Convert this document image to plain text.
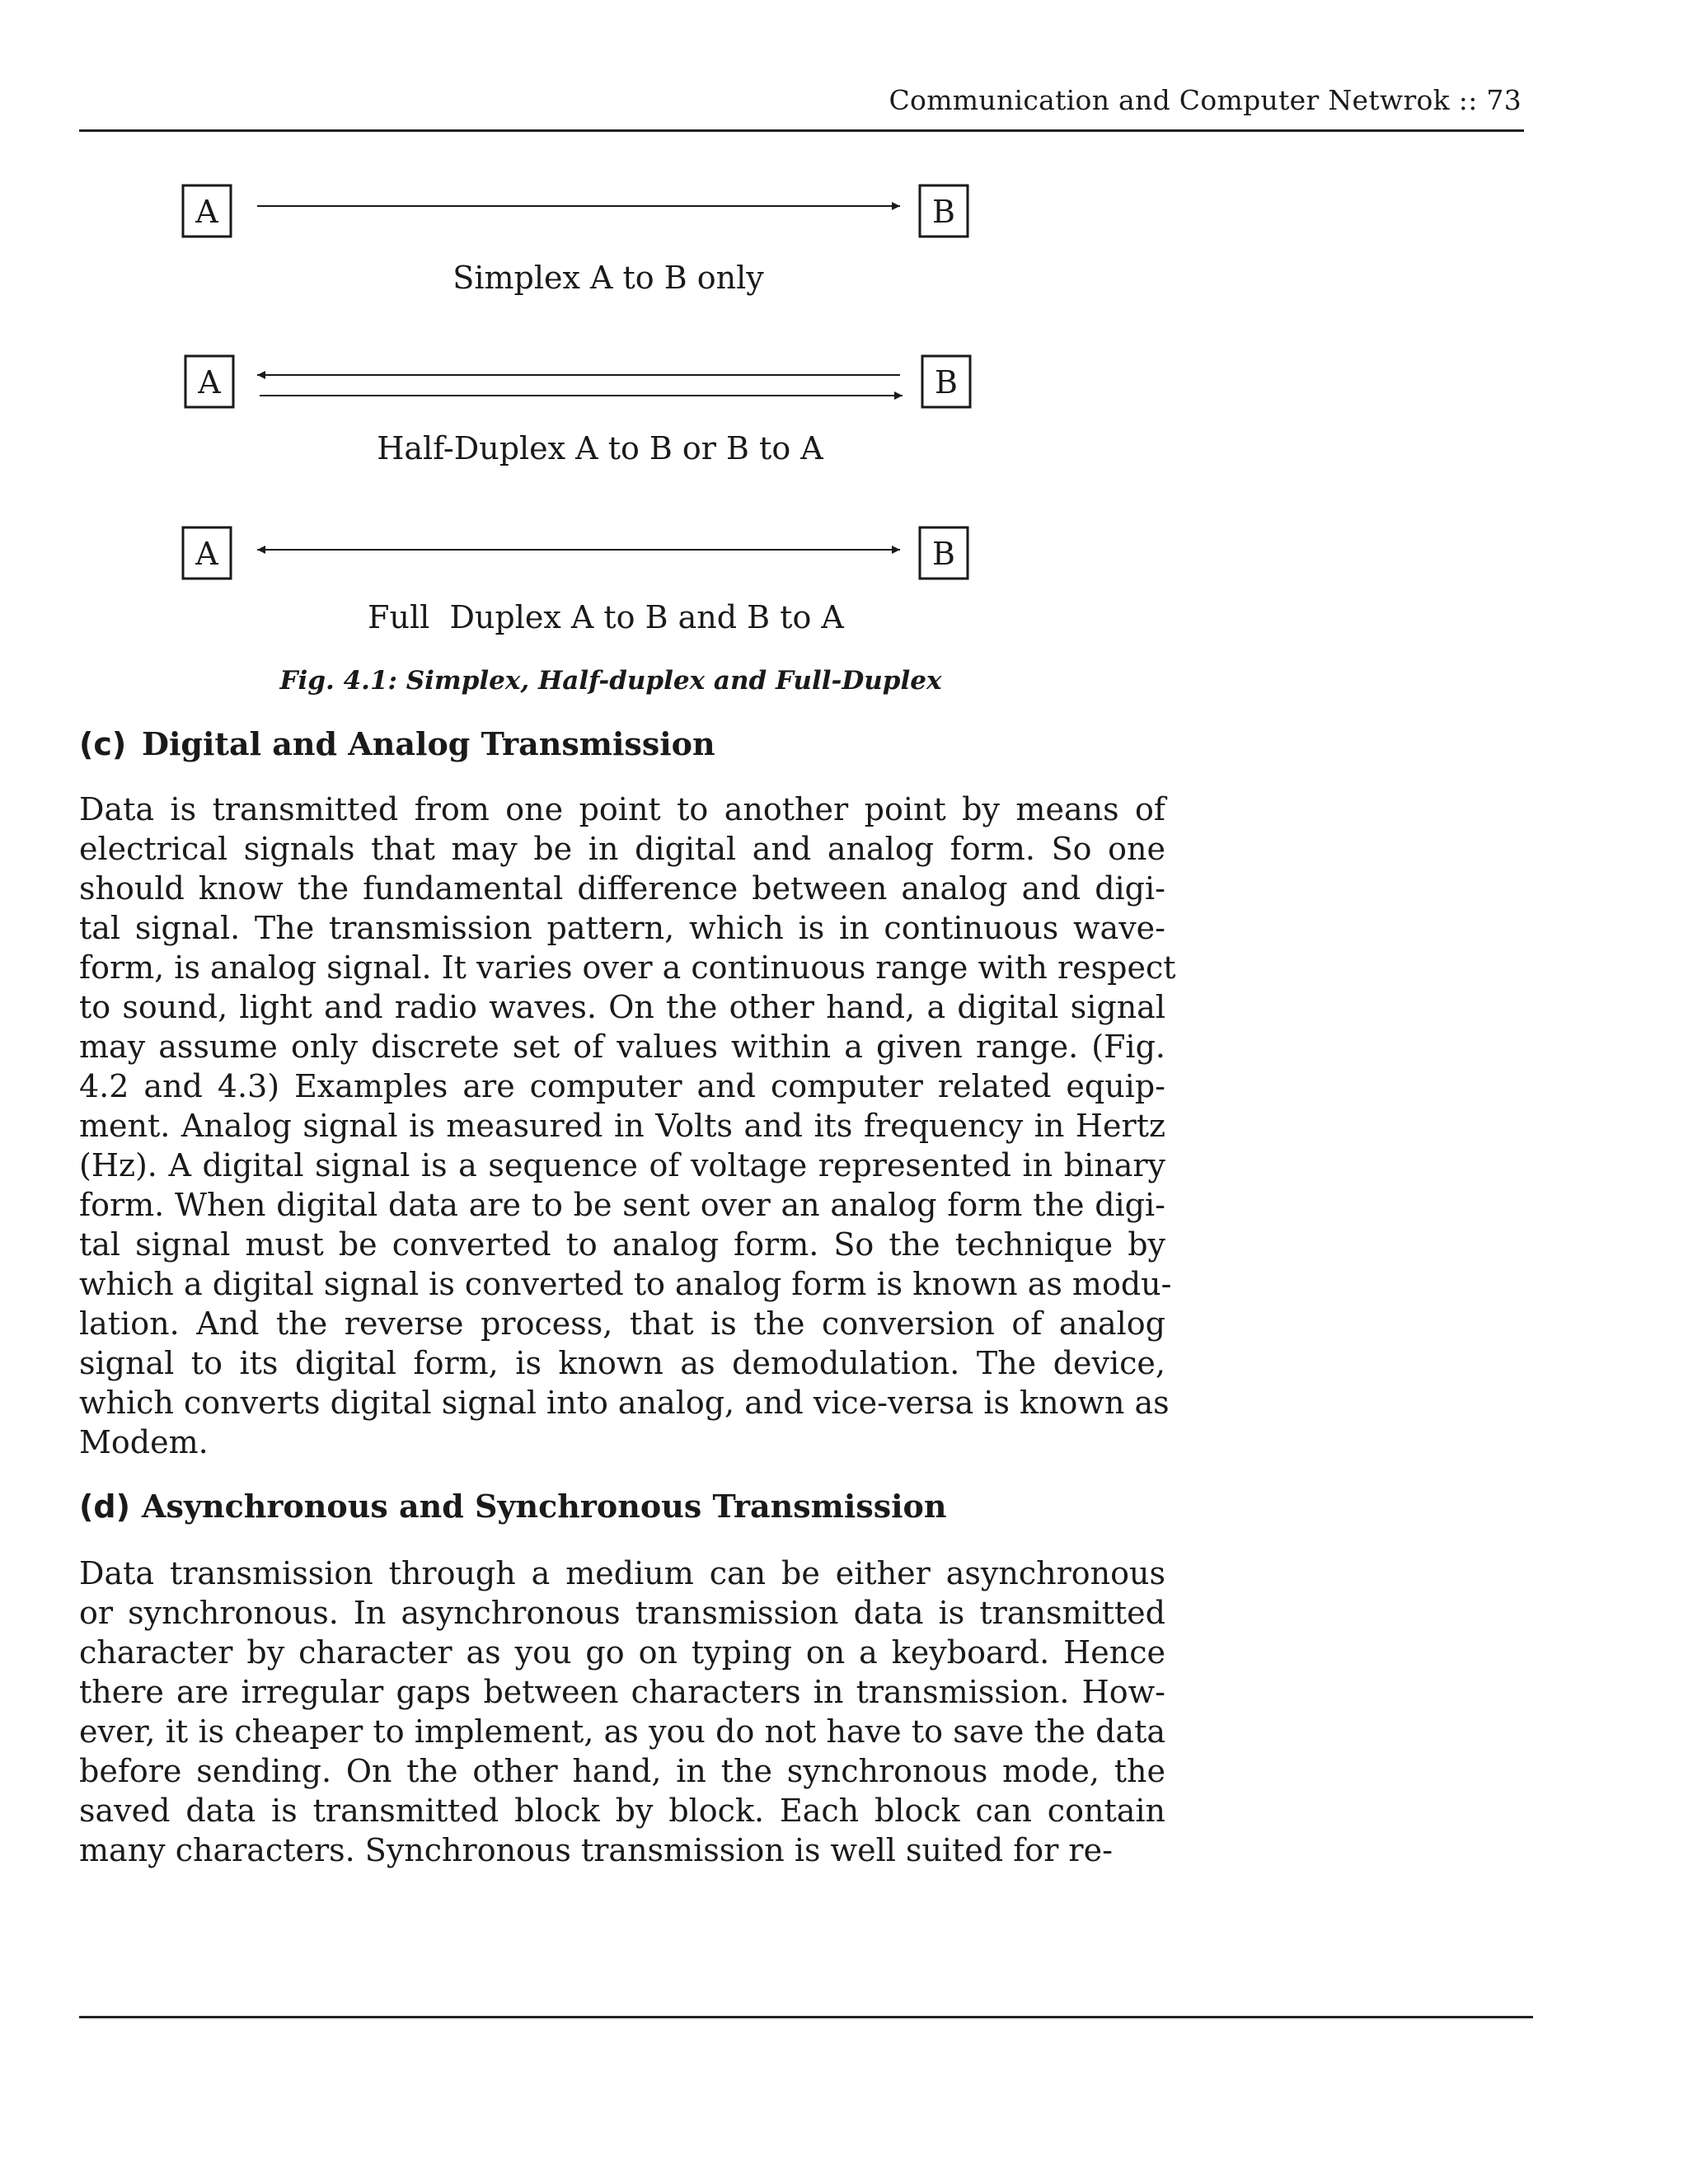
Communication and Computer Netwrok :: 73
A	B
Simplex A to B only
A	B
Half-Duplex A to B or B to A
A	B
Full  Duplex A to B and B to A
Fig. 4.1: Simplex, Half-duplex and Full-Duplex
(c) Digital and Analog Transmission
Data is transmitted from one point to another point by means of
electrical signals that may be in digital and analog form. So one
should know the fundamental difference between analog and digi-
tal signal. The transmission pattern, which is in continuous wave-
form, is analog signal. It varies over a continuous range with respect
to sound, light and radio waves. On the other hand, a digital signal
may assume only discrete set of values within a given range. (Fig.
4.2 and 4.3) Examples are computer and computer related equip-
ment. Analog signal is measured in Volts and its frequency in Hertz
(Hz). A digital signal is a sequence of voltage represented in binary
form. When digital data are to be sent over an analog form the digi-
tal signal must be converted to analog form. So the technique by
which a digital signal is converted to analog form is known as modu-
lation. And the reverse process, that is the conversion of analog
signal to its digital form, is known as demodulation. The device,
which converts digital signal into analog, and vice-versa is known as
Modem.
(d) Asynchronous and Synchronous Transmission
Data transmission through a medium can be either asynchronous
or synchronous. In asynchronous transmission data is transmitted
character by character as you go on typing on a keyboard. Hence
there are irregular gaps between characters in transmission. How-
ever, it is cheaper to implement, as you do not have to save the data
before sending. On the other hand, in the synchronous mode, the
saved data is transmitted block by block. Each block can contain
many characters. Synchronous transmission is well suited for re-
